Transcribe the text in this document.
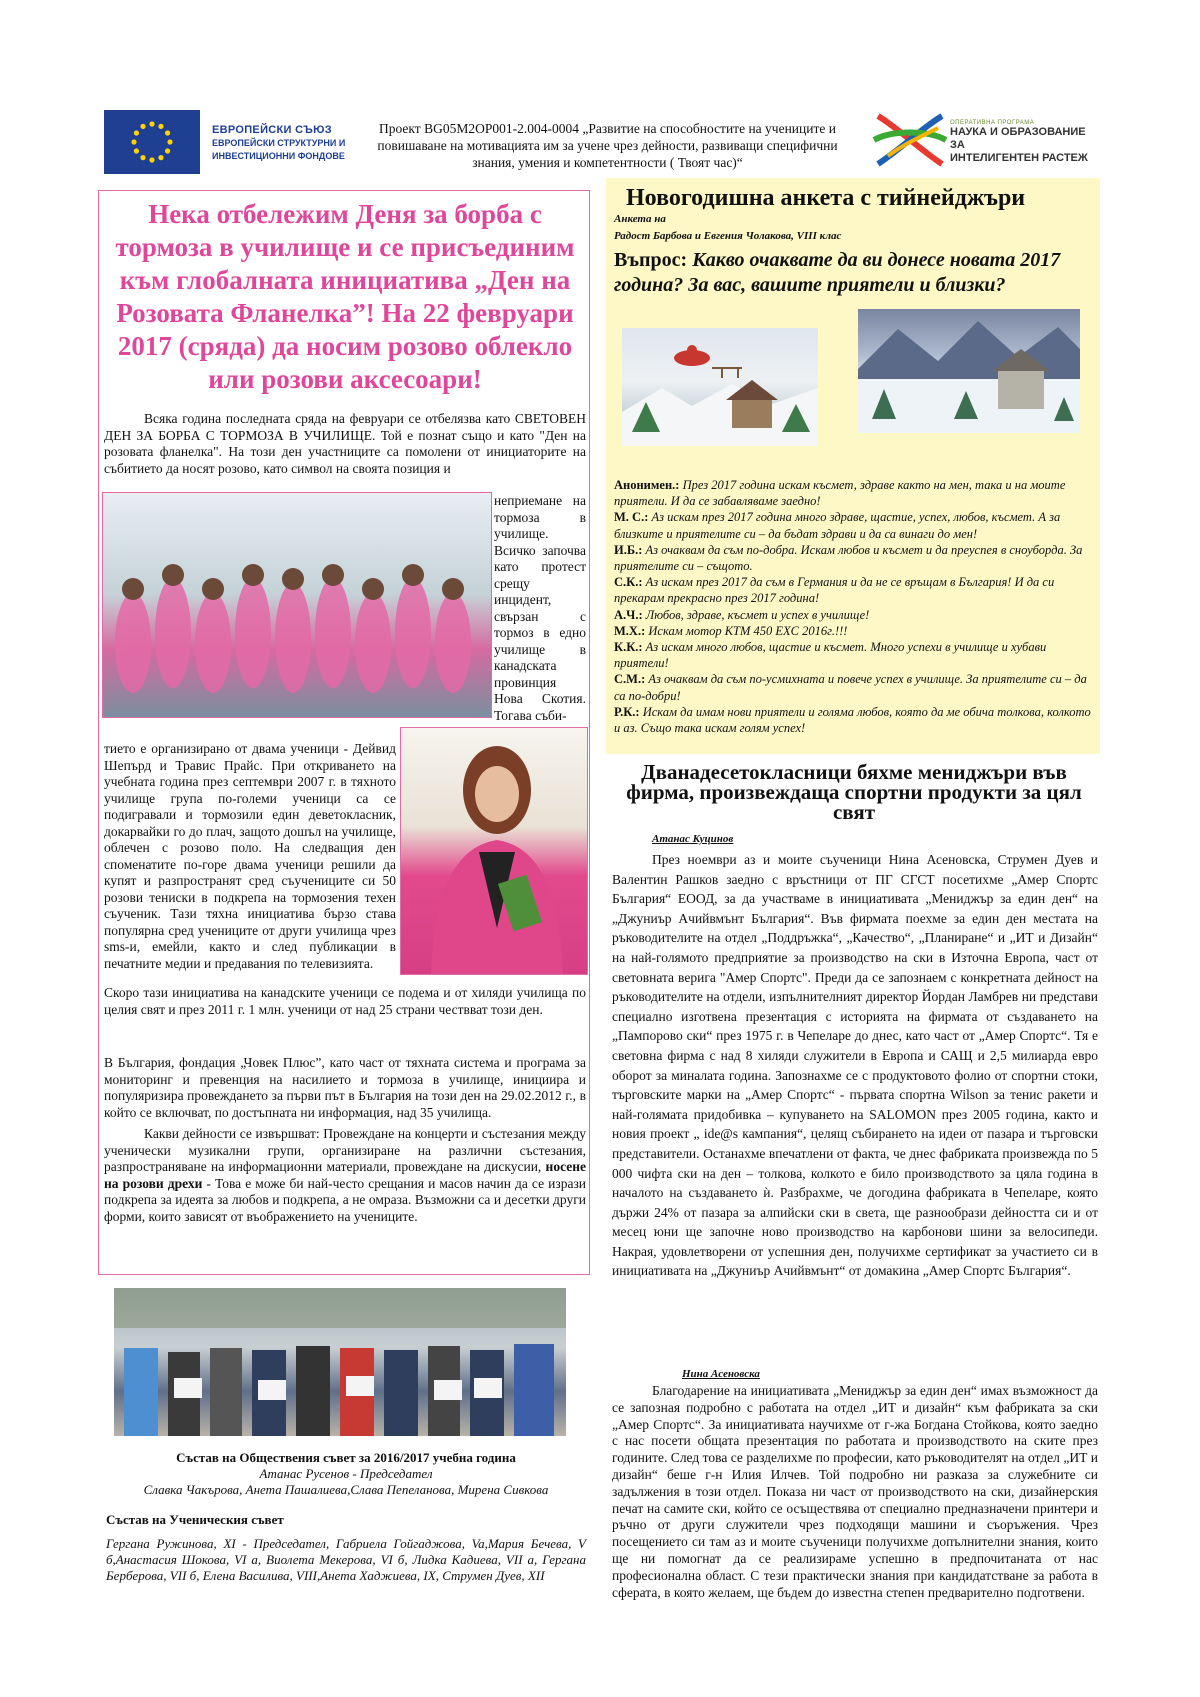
ЕВРОПЕЙСКИ СЪЮЗ
ЕВРОПЕЙСКИ СТРУКТУРНИ И
ИНВЕСТИЦИОННИ ФОНДОВЕ
Проект BG05M2OP001-2.004-0004 „Развитие на способностите на учениците и повишаване на мотивацията им за учене чрез дейности, развиващи специфични знания, умения и компетентности ( Твоят час)“
ОПЕРАТИВНА ПРОГРАМА
НАУКА И ОБРАЗОВАНИЕ ЗА
ИНТЕЛИГЕНТЕН РАСТЕЖ
Нека отбележим Деня за борба с тормоза в училище и се присъединим към глобалната инициатива „Ден на Розовата Фланелка”! На 22 февруари 2017 (сряда) да носим розово облекло или розови аксесоари!

Всяка година последната сряда на февруари се отбелязва като СВЕТОВЕН ДЕН ЗА БОРБА С ТОРМОЗА В УЧИЛИЩЕ. Той е познат също и като "Ден на розовата фланелка". На този ден участниците са помолени от инициаторите на събитието да носят розово, като символ на своята позиция и

неприемане на тормоза в училище. Всичко започва като протест срещу инцидент, свързан с тормоз в едно училище в канадската провинция Нова Скотия. Тогава съби-

тието е организирано от двама ученици - Дейвид Шепърд и Травис Прайс. При откриването на учебната година през септември 2007 г. в тяхното училище група по-големи ученици са се подигравали и тормозили един деветокласник, докарвайки го до плач, защото дошъл на училище, облечен с розово поло. На следващия ден споменатите по-горе двама ученици решили да купят и разпространят сред съучениците си 50 розови тениски в подкрепа на тормозения техен съученик. Тази тяхна инициатива бързо става популярна сред учениците от други училища чрез sms-и, емейли, както и след публикации в печатните медии и предавания по телевизията.

Скоро тази инициатива на канадските ученици се подема и от хиляди училища по целия свят и през 2011 г. 1 млн. ученици от над 25 страни чествват този ден.

В България, фондация „Човек Плюс”, като част от тяхната система и програма за мониторинг и превенция на насилието и тормоза в училище, инициира и популяризира провеждането за първи път в България на този ден на 29.02.2012 г., в който се включват, по достъпната ни информация, над 35 училища.

Какви дейности се извършват: Провеждане на концерти и състезания между ученически музикални групи, организиране на различни състезания, разпространяване на информационни материали, провеждане на дискусии, носене на розови дрехи - Това е може би най-често срещания и масов начин да се изрази подкрепа за идеята за любов и подкрепа, а не омраза. Възможни са и десетки други форми, които зависят от въображението на учениците.

Състав на Обществения съвет за 2016/2017 учебна година
Атанас Русенов - Председател
Славка Чакърова, Анета Пашалиева,Слава Пепеланова, Мирена Сивкова
Състав на Ученическия съвет
Гергана Ружинова, XI - Председател, Габриела Гойгаджова, Va,Мария Бечева, V б,Анастасия Шокова, VI а, Виолета Мекерова, VI б, Лидка Кадиева, VII а, Гергана Берберова, VII б, Елена Василива, VIII,Анета Хаджиева, IX, Струмен Дуев, XII
Новогодишна анкета с тийнейджъри
Анкета на
Радост Барбова и Евгения Чолакова, VIII клас
Въпрос: Какво очаквате да ви донесе новата 2017 година? За вас, вашите приятели и близки?
Анонимен.: През 2017 година искам късмет, здраве както на мен, така и на моите приятели. И да се забавляваме заедно!
М. С.: Аз искам през 2017 година много здраве, щастие, успех, любов, късмет. А за близките и приятелите си – да бъдат здрави и да са винаги до мен!
И.Б.: Аз очаквам да съм по-добра. Искам любов и късмет и да преуспея в сноуборда. За приятелите си – същото.
С.К.: Аз искам през 2017 да съм в Германия и да не се връщам в България! И да си прекарам прекрасно през 2017 година!
А.Ч.: Любов, здраве, късмет и успех в училище!
М.Х.: Искам мотор КТМ 450 EXC 2016г.!!!
К.К.: Аз искам много любов, щастие и късмет. Много успехи в училище и хубави приятели!
С.М.: Аз очаквам да съм по-усмихната и повече успех в училище. За приятелите си – да са по-добри!
Р.К.: Искам да имам нови приятели и голяма любов, която да ме обича толкова, колкото и аз. Също така искам голям успех!
Дванадесетокласници бяхме мениджъри във фирма, произвеждаща спортни продукти за цял свят
Атанас Куцинов

През ноември аз и моите съученици Нина Асеновска, Струмен Дуев и Валентин Рашков заедно с връстници от ПГ СГСТ посетихме „Амер Спортс България“ ЕООД, за да участваме в инициативата „Мениджър за един ден“ на „Джуниър Ачийвмънт България“. Във фирмата поехме за един ден местата на ръководителите на отдел „Поддръжка“, „Качество“, „Планиране“ и „ИТ и Дизайн“ на най-голямото предприятие за производство на ски в Източна Европа, част от световната верига "Амер Спортс". Преди да се запознаем с конкретната дейност на ръководителите на отдели, изпълнителният директор Йордан Ламбрев ни представи специално изготвена презентация с историята на фирмата от създаването на „Пампорово ски“ през 1975 г. в Чепеларе до днес, като част от „Амер Спортс“. Тя е световна фирма с над 8 хиляди служители в Европа и САЩ и 2,5 милиарда евро оборот за миналата година. Запознахме се с продуктовото фолио от спортни стоки, търговските марки на „Амер Спортс“ - първата спортна Wilson за тенис ракети и най-голямата придобивка – купуването на SALOMON през 2005 година, както и новия проект „ ide@s кампания“, целящ събирането на идеи от пазара и търговски представители. Останахме впечатлени от факта, че днес фабриката произвежда по 5 000 чифта ски на ден – толкова, колкото е било производството за цяла година в началото на създаването ѝ. Разбрахме, че догодина фабриката в Чепеларе, която държи 24% от пазара за алпийски ски в света, ще разнообрази дейността си и от месец юни ще започне ново производство на карбонови шини за велосипеди. Накрая, удовлетворени от успешния ден, получихме сертификат за участието си в инициативата на „Джуниър Ачийвмънт“ от домакина „Амер Спортс България“.

Нина Асеновска

Благодарение на инициативата „Мениджър за един ден“ имах възможност да се запозная подробно с работата на отдел „ИТ и дизайн“ към фабриката за ски „Амер Спортс“. За инициативата научихме от г-жа Богдана Стойкова, която заедно с нас посети общата презентация по работата и производството на ските през годините. След това се разделихме по професии, като ръководителят на отдел „ИТ и дизайн“ беше г-н Илия Илчев. Той подробно ни разказа за служебните си задължения в този отдел. Показа ни част от производството на ски, дизайнерския печат на самите ски, който се осъществява от специално предназначени принтери и ръчно от други служители чрез подходящи машини и съоръжения. Чрез посещението си там аз и моите съученици получихме допълнителни знания, които ще ни помогнат да се реализираме успешно в предпочитаната от нас професионална област. С тези практически знания при кандидатстване за работа в сферата, в която желаем, ще бъдем до известна степен предварително подготвени.
